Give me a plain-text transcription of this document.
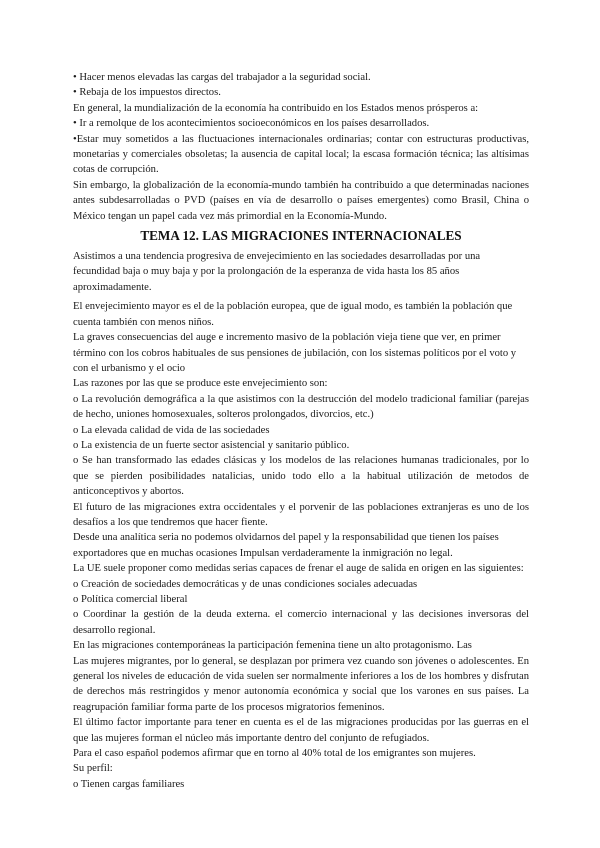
• Hacer menos elevadas las cargas del trabajador a la seguridad social.

• Rebaja de los impuestos directos.

En general, la mundialización de la economía ha contribuido en los Estados menos prósperos a:

• Ir a remolque de los acontecimientos socioeconómicos en los países desarrollados.

•Estar muy sometidos a las fluctuaciones internacionales ordinarias; contar con estructuras productivas, monetarias y comerciales obsoletas; la ausencia de capital local; la escasa formación técnica; las altísimas cotas de corrupción.

Sin embargo, la globalización de la economía-mundo también ha contribuido a que determinadas naciones antes subdesarrolladas o PVD (países en vía de desarrollo o países emergentes) como Brasil, China o México tengan un papel cada vez más primordial en la Economía-Mundo.

TEMA 12. LAS MIGRACIONES INTERNACIONALES

Asistimos a una tendencia progresiva de envejecimiento en las sociedades desarrolladas por una fecundidad baja o muy baja y por la prolongación de la esperanza de vida hasta los 85 años aproximadamente.

El envejecimiento mayor es el de la población europea, que de igual modo, es también la población que cuenta también con menos niños.

La graves consecuencias del auge e incremento masivo de la población vieja tiene que ver, en primer término con los cobros habituales de sus pensiones de jubilación, con los sistemas políticos por el voto y con el urbanismo y el ocio

Las razones por las que se produce este envejecimiento son:

o La revolución demográfica a la que asistimos con la destrucción del modelo tradicional familiar (parejas de hecho, uniones homosexuales, solteros prolongados, divorcios, etc.)

o La elevada calidad de vida de las sociedades

o La existencia de un fuerte sector asistencial y sanitario público.

o Se han transformado las edades clásicas y los modelos de las relaciones humanas tradicionales, por lo que se pierden posibilidades natalicias, unido todo ello a la habitual utilización de metodos de anticonceptivos y abortos.

El futuro de las migraciones extra occidentales y el porvenir de las poblaciones extranjeras es uno de los desafíos a los que tendremos que hacer fiente.

Desde una analítica seria no podemos olvidarnos del papel y la responsabilidad que tienen los países exportadores que en muchas ocasiones Impulsan verdaderamente la inmigración no legal.

La UE suele proponer como medidas serias capaces de frenar el auge de salida en origen en las siguientes:

o Creación de sociedades democráticas y de unas condiciones sociales adecuadas

o Política comercial liberal

o Coordinar la gestión de la deuda externa. el comercio internacional y las decisiones inversoras del desarrollo regional.

En las migraciones contemporáneas la participación femenina tiene un alto protagonismo. Las

Las mujeres migrantes, por lo general, se desplazan por primera vez cuando son jóvenes o adolescentes. En general los niveles de educación de vida suelen ser normalmente inferiores a los de los hombres y disfrutan de derechos más restringidos y menor autonomía económica y social que los varones en sus países. La reagrupación familiar forma parte de los procesos migratorios femeninos.

El último factor importante para tener en cuenta es el de las migraciones producidas por las guerras en el que las mujeres forman el núcleo más importante dentro del conjunto de refugiados.

Para el caso español podemos afirmar que en torno al 40% total de los emigrantes son mujeres.

Su perfil:

o Tienen cargas familiares
